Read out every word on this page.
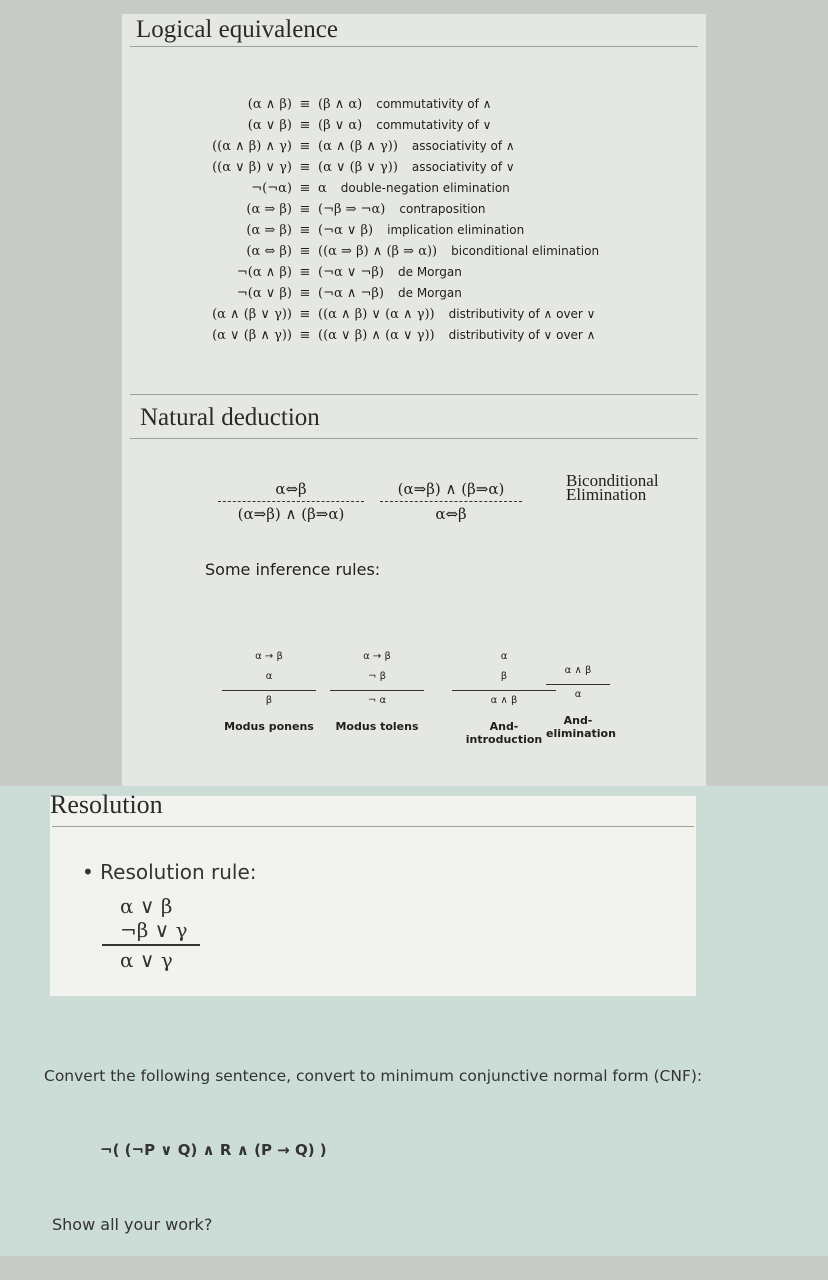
Logical equivalence
(α ∧ β) ≡ (β ∧ α)	commutativity of ∧
(α ∨ β) ≡ (β ∨ α)	commutativity of ∨
((α ∧ β) ∧ γ) ≡ (α ∧ (β ∧ γ))	associativity of ∧
((α ∨ β) ∨ γ) ≡ (α ∨ (β ∨ γ))	associativity of ∨
¬(¬α) ≡ α	double-negation elimination
(α ⇒ β) ≡ (¬β ⇒ ¬α)	contraposition
(α ⇒ β) ≡ (¬α ∨ β)	implication elimination
(α ⇔ β) ≡ ((α ⇒ β) ∧ (β ⇒ α))	biconditional elimination
¬(α ∧ β) ≡ (¬α ∨ ¬β)	de Morgan
¬(α ∨ β) ≡ (¬α ∧ ¬β)	de Morgan
(α ∧ (β ∨ γ)) ≡ ((α ∧ β) ∨ (α ∧ γ))	distributivity of ∧ over ∨
(α ∨ (β ∧ γ)) ≡ ((α ∨ β) ∧ (α ∨ γ))	distributivity of ∨ over ∧
Natural deduction
α⇔β
(α⇒β) ∧ (β⇒α)
(α⇒β) ∧ (β⇒α)
α⇔β
Biconditional Elimination
Some inference rules:
α → β
α
β
Modus ponens
α → β
¬ β
¬ α
Modus tolens
α
β
α ∧ β
And-introduction
α ∧ β
α
And-elimination
Resolution
• Resolution rule:
α ∨ β
¬β ∨ γ
α ∨ γ
Convert the following sentence, convert to minimum conjunctive normal form (CNF):
¬( (¬P ∨ Q) ∧ R ∧ (P → Q) )
Show all your work?
